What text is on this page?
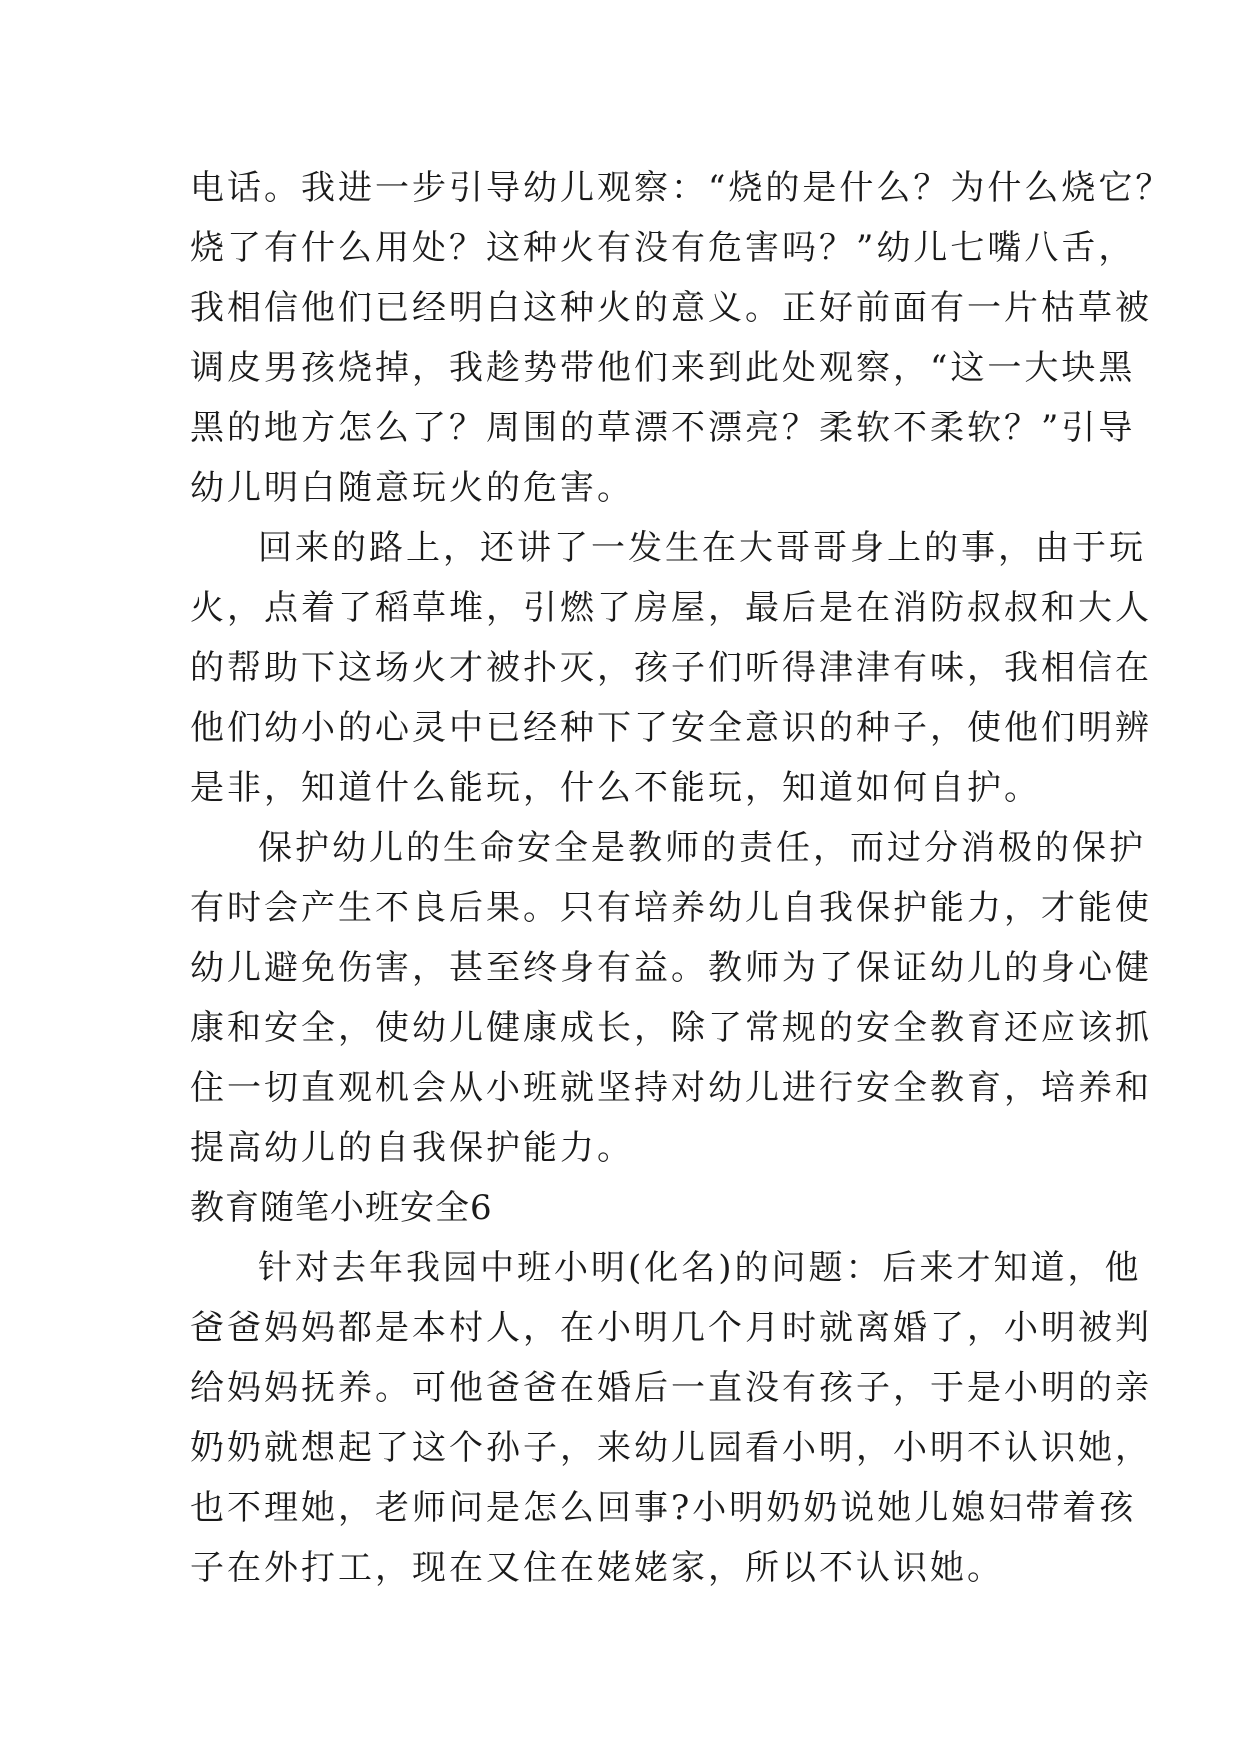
电话。我进一步引导幼儿观察：“烧的是什么？为什么烧它？
烧了有什么用处？这种火有没有危害吗？”幼儿七嘴八舌，
我相信他们已经明白这种火的意义。正好前面有一片枯草被
调皮男孩烧掉，我趁势带他们来到此处观察，“这一大块黑
黑的地方怎么了？周围的草漂不漂亮？柔软不柔软？”引导
幼儿明白随意玩火的危害。
回来的路上，还讲了一发生在大哥哥身上的事，由于玩
火，点着了稻草堆，引燃了房屋，最后是在消防叔叔和大人
的帮助下这场火才被扑灭，孩子们听得津津有味，我相信在
他们幼小的心灵中已经种下了安全意识的种子，使他们明辨
是非，知道什么能玩，什么不能玩，知道如何自护。
保护幼儿的生命安全是教师的责任，而过分消极的保护
有时会产生不良后果。只有培养幼儿自我保护能力，才能使
幼儿避免伤害，甚至终身有益。教师为了保证幼儿的身心健
康和安全，使幼儿健康成长，除了常规的安全教育还应该抓
住一切直观机会从小班就坚持对幼儿进行安全教育，培养和
提高幼儿的自我保护能力。
教育随笔小班安全6
针对去年我园中班小明(化名)的问题：后来才知道，他
爸爸妈妈都是本村人，在小明几个月时就离婚了，小明被判
给妈妈抚养。可他爸爸在婚后一直没有孩子，于是小明的亲
奶奶就想起了这个孙子，来幼儿园看小明，小明不认识她，
也不理她，老师问是怎么回事?小明奶奶说她儿媳妇带着孩
子在外打工，现在又住在姥姥家，所以不认识她。
